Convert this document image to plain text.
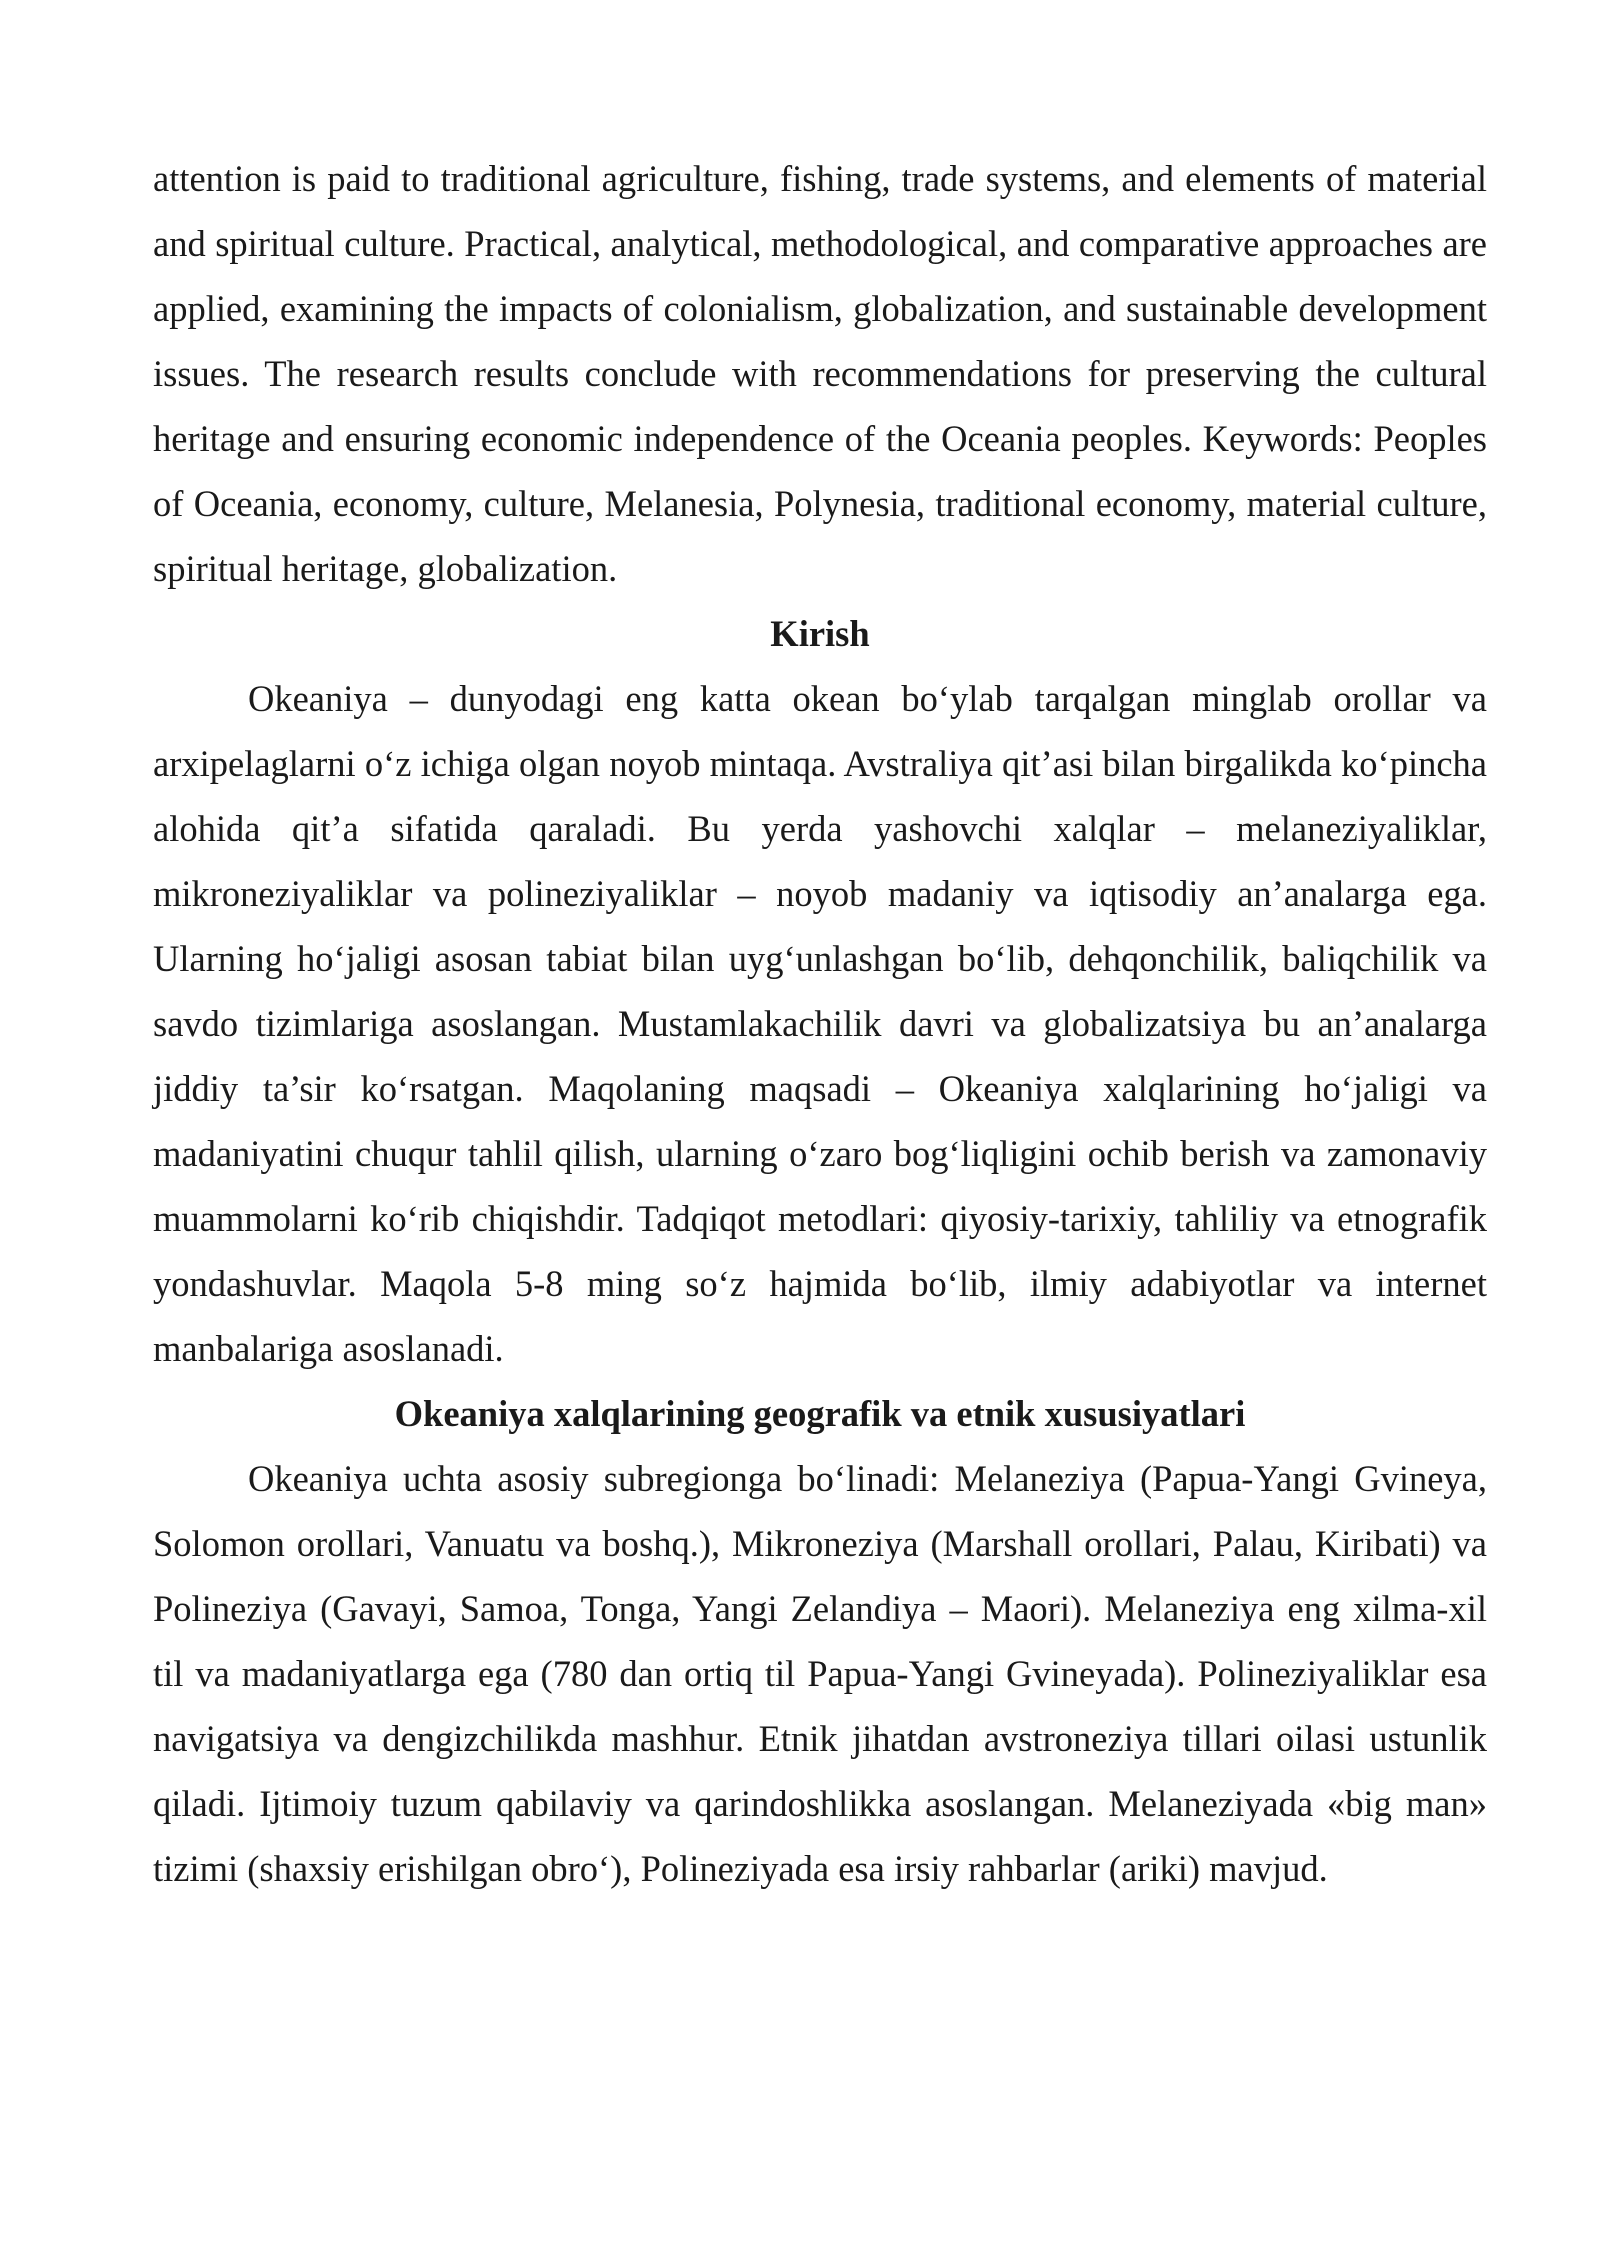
attention is paid to traditional agriculture, fishing, trade systems, and elements of material and spiritual culture. Practical, analytical, methodological, and comparative approaches are applied, examining the impacts of colonialism, globalization, and sustainable development issues. The research results conclude with recommendations for preserving the cultural heritage and ensuring economic independence of the Oceania peoples. Keywords: Peoples of Oceania, economy, culture, Melanesia, Polynesia, traditional economy, material culture, spiritual heritage, globalization.

Kirish

Okeaniya – dunyodagi eng katta okean bo‘ylab tarqalgan minglab orollar va arxipelaglarni o‘z ichiga olgan noyob mintaqa. Avstraliya qit’asi bilan birgalikda ko‘pincha alohida qit’a sifatida qaraladi. Bu yerda yashovchi xalqlar – melaneziyaliklar, mikroneziyaliklar va polineziyaliklar – noyob madaniy va iqtisodiy an’analarga ega. Ularning ho‘jaligi asosan tabiat bilan uyg‘unlashgan bo‘lib, dehqonchilik, baliqchilik va savdo tizimlariga asoslangan. Mustamlakachilik davri va globalizatsiya bu an’analarga jiddiy ta’sir ko‘rsatgan. Maqolaning maqsadi – Okeaniya xalqlarining ho‘jaligi va madaniyatini chuqur tahlil qilish, ularning o‘zaro bog‘liqligini ochib berish va zamonaviy muammolarni ko‘rib chiqishdir. Tadqiqot metodlari: qiyosiy-tarixiy, tahliliy va etnografik yondashuvlar. Maqola 5-8 ming so‘z hajmida bo‘lib, ilmiy adabiyotlar va internet manbalariga asoslanadi.

Okeaniya xalqlarining geografik va etnik xususiyatlari

Okeaniya uchta asosiy subregionga bo‘linadi: Melaneziya (Papua-Yangi Gvineya, Solomon orollari, Vanuatu va boshq.), Mikroneziya (Marshall orollari, Palau, Kiribati) va Polineziya (Gavayi, Samoa, Tonga, Yangi Zelandiya – Maori). Melaneziya eng xilma-xil til va madaniyatlarga ega (780 dan ortiq til Papua-Yangi Gvineyada). Polineziyaliklar esa navigatsiya va dengizchilikda mashhur. Etnik jihatdan avstroneziya tillari oilasi ustunlik qiladi. Ijtimoiy tuzum qabilaviy va qarindoshlikka asoslangan. Melaneziyada «big man» tizimi (shaxsiy erishilgan obro‘), Polineziyada esa irsiy rahbarlar (ariki) mavjud.
